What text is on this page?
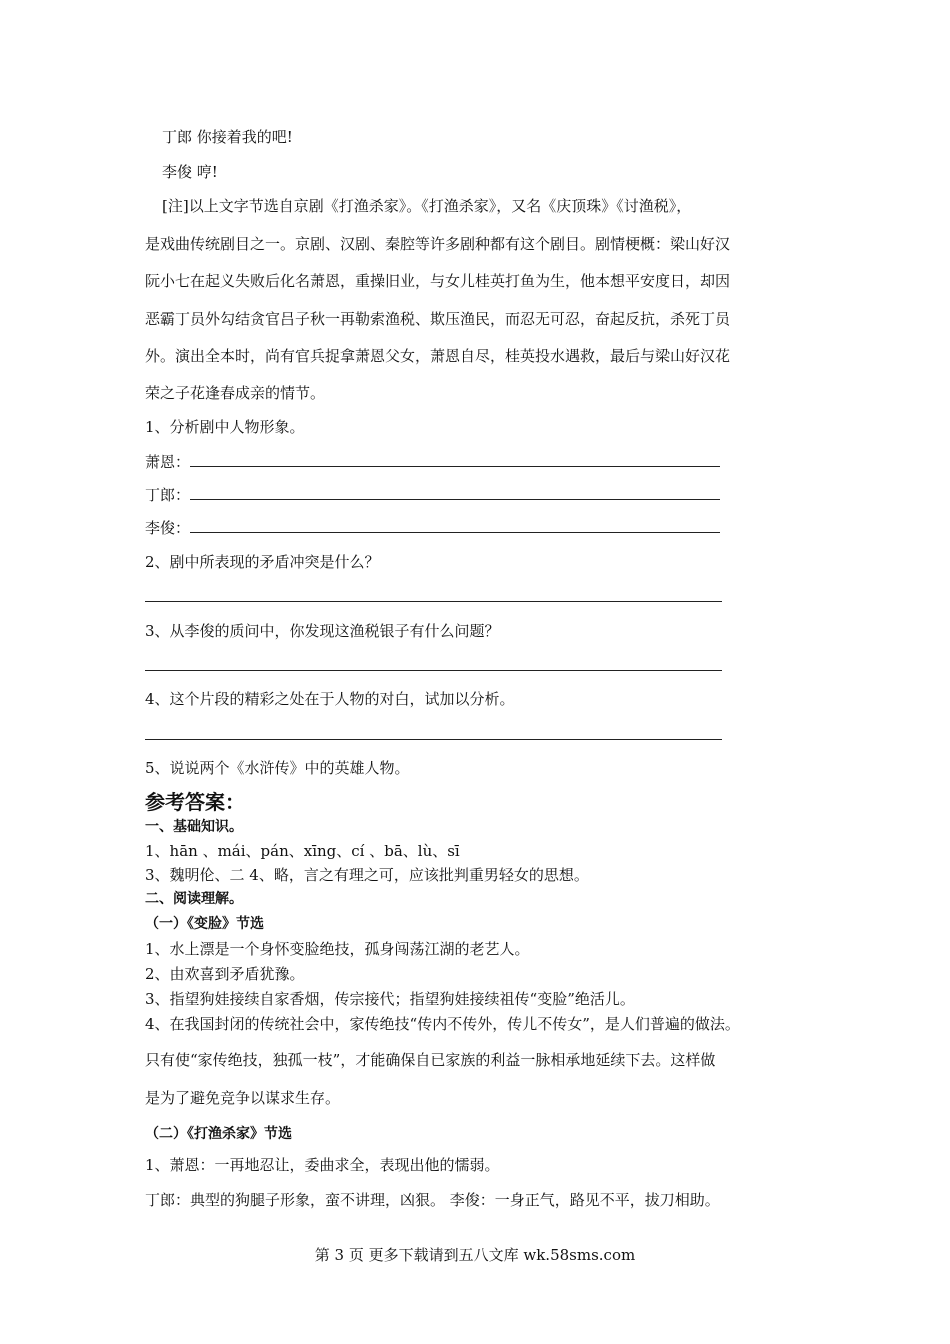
丁郎 你接着我的吧!
李俊 哼!
[注]以上文字节选自京剧《打渔杀家》。《打渔杀家》，又名《庆顶珠》《讨渔税》，
是戏曲传统剧目之一。京剧、汉剧、秦腔等许多剧种都有这个剧目。剧情梗概：梁山好汉
阮小七在起义失败后化名萧恩，重操旧业，与女儿桂英打鱼为生，他本想平安度日，却因
恶霸丁员外勾结贪官吕子秋一再勒索渔税、欺压渔民，而忍无可忍，奋起反抗，杀死丁员
外。演出全本时，尚有官兵捉拿萧恩父女，萧恩自尽，桂英投水遇救，最后与梁山好汉花
荣之子花逢春成亲的情节。
1、分析剧中人物形象。
萧恩：
丁郎：
李俊：
2、剧中所表现的矛盾冲突是什么？
3、从李俊的质问中，你发现这渔税银子有什么问题？
4、这个片段的精彩之处在于人物的对白，试加以分析。
5、说说两个《水浒传》中的英雄人物。
参考答案：
一、基础知识。
1、hān 、mái、pán、xīng、cí 、bā、lù、sī
3、魏明伦、二 4、略，言之有理之可，应该批判重男轻女的思想。
二、阅读理解。
（一）《变脸》节选
1、水上漂是一个身怀变脸绝技，孤身闯荡江湖的老艺人。
2、由欢喜到矛盾犹豫。
3、指望狗娃接续自家香烟，传宗接代；指望狗娃接续祖传“变脸”绝活儿。
4、在我国封闭的传统社会中，家传绝技“传内不传外，传儿不传女”，是人们普遍的做法。
只有使“家传绝技，独孤一枝”，才能确保自已家族的利益一脉相承地延续下去。这样做
是为了避免竞争以谋求生存。
（二）《打渔杀家》节选
1、萧恩：一再地忍让，委曲求全，表现出他的懦弱。
丁郎：典型的狗腿子形象，蛮不讲理，凶狠。 李俊：一身正气，路见不平，拔刀相助。
第 3 页 更多下载请到五八文库 wk.58sms.com
